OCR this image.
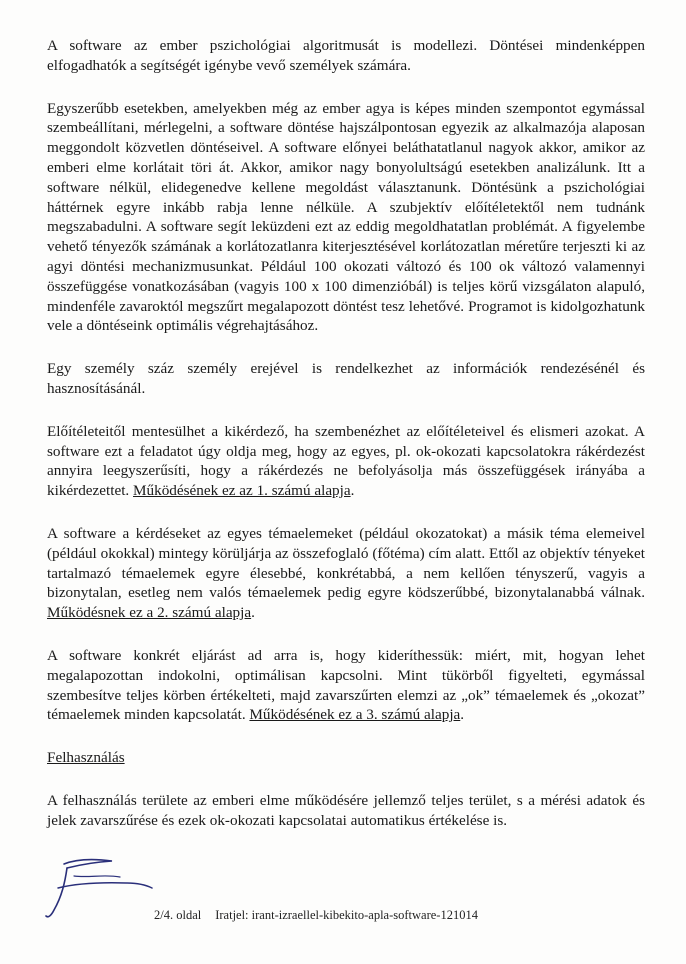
A software az ember pszichológiai algoritmusát is modellezi. Döntései mindenképpen elfogadhatók a segítségét igénybe vevő személyek számára.

Egyszerűbb esetekben, amelyekben még az ember agya is képes minden szempontot egymással szembeállítani, mérlegelni, a software döntése hajszálpontosan egyezik az alkalmazója alaposan meggondolt közvetlen döntéseivel. A software előnyei beláthatatlanul nagyok akkor, amikor az emberi elme korlátait töri át. Akkor, amikor nagy bonyolultságú esetekben analizálunk. Itt a software nélkül, elidegenedve kellene megoldást választanunk. Döntésünk a pszichológiai háttérnek egyre inkább rabja lenne nélküle. A szubjektív előítéletektől nem tudnánk megszabadulni. A software segít leküzdeni ezt az eddig megoldhatatlan problémát. A figyelembe vehető tényezők számának a korlátozatlanra kiterjesztésével korlátozatlan méretűre terjeszti ki az agyi döntési mechanizmusunkat. Például 100 okozati változó és 100 ok változó valamennyi összefüggése vonatkozásában (vagyis 100 x 100 dimenzióbál) is teljes körű vizsgálaton alapuló, mindenféle zavaroktól megszűrt megalapozott döntést tesz lehetővé. Programot is kidolgozhatunk vele a döntéseink optimális végrehajtásához.

Egy személy száz személy erejével is rendelkezhet az információk rendezésénél és hasznosításánál.

Előítéleteitől mentesülhet a kikérdező, ha szembenézhet az előítéleteivel és elismeri azokat. A software ezt a feladatot úgy oldja meg, hogy az egyes, pl. ok-okozati kapcsolatokra rákérdezést annyira leegyszerűsíti, hogy a rákérdezés ne befolyásolja más összefüggések irányába a kikérdezettet. Működésének ez az 1. számú alapja.

A software a kérdéseket az egyes témaelemeket (például okozatokat) a másik téma elemeivel (például okokkal) mintegy körüljárja az összefoglaló (főtéma) cím alatt. Ettől az objektív tényeket tartalmazó témaelemek egyre élesebbé, konkrétabbá, a nem kellően tényszerű, vagyis a bizonytalan, esetleg nem valós témaelemek pedig egyre ködszerűbbé, bizonytalanabbá válnak. Működésnek ez a 2. számú alapja.

A software konkrét eljárást ad arra is, hogy kideríthessük: miért, mit, hogyan lehet megalapozottan indokolni, optimálisan kapcsolni. Mint tükörből figyelteti, egymással szembesítve teljes körben értékelteti, majd zavarszűrten elemzi az „ok” témaelemek és „okozat” témaelemek minden kapcsolatát. Működésének ez a 3. számú alapja.

Felhasználás

A felhasználás területe az emberi elme működésére jellemző teljes terület, s a mérési adatok és jelek zavarszűrése és ezek ok-okozati kapcsolatai automatikus értékelése is.

2/4. oldal Iratjel: irant-izraellel-kibekito-apla-software-121014
